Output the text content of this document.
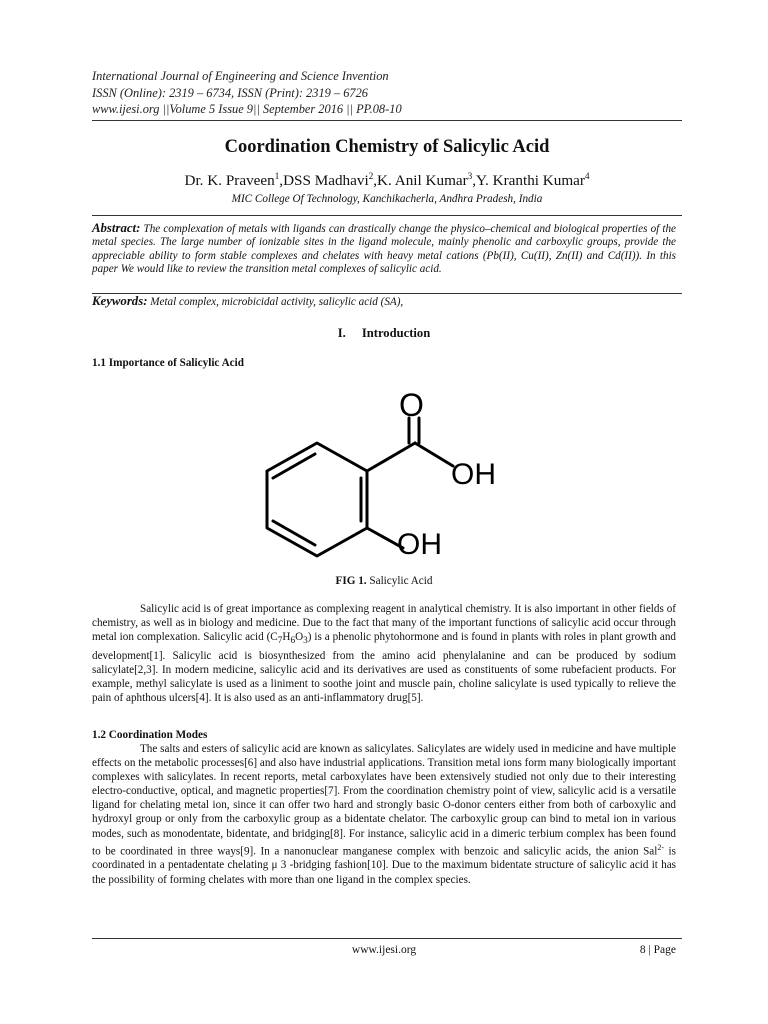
International Journal of Engineering and Science Invention
ISSN (Online): 2319 – 6734, ISSN (Print): 2319 – 6726
www.ijesi.org ||Volume 5 Issue 9|| September 2016 || PP.08-10
Coordination Chemistry of Salicylic Acid
Dr. K. Praveen$^1$,DSS Madhavi$^2$,K. Anil Kumar$^3$,Y. Kranthi Kumar$^4$
MIC College Of Technology, Kanchikacherla, Andhra Pradesh, India
Abstract: The complexation of metals with ligands can drastically change the physico–chemical and biological properties of the metal species. The large number of ionizable sites in the ligand molecule, mainly phenolic and carboxylic groups, provide the appreciable ability to form stable complexes and chelates with heavy metal cations (Pb(II), Cu(II), Zn(II) and Cd(II)). In this paper We would like to review the transition metal complexes of salicylic acid.
Keywords: Metal complex, microbicidal activity, salicylic acid (SA),
I. Introduction
1.1 Importance of Salicylic Acid
O
OH
OH
FIG 1. Salicylic Acid

Salicylic acid is of great importance as complexing reagent in analytical chemistry. It is also important in other fields of chemistry, as well as in biology and medicine. Due to the fact that many of the important functions of salicylic acid occur through metal ion complexation. Salicylic acid $(C_7H_6O_3)$ is a phenolic phytohormone and is found in plants with roles in plant growth and development[1]. Salicylic acid is biosynthesized from the amino acid phenylalanine and can be produced by sodium salicylate[2,3]. In modern medicine, salicylic acid and its derivatives are used as constituents of some rubefacient products. For example, methyl salicylate is used as a liniment to soothe joint and muscle pain, choline salicylate is used typically to relieve the pain of aphthous ulcers[4]. It is also used as an anti-inflammatory drug[5].

1.2 Coordination Modes

The salts and esters of salicylic acid are known as salicylates. Salicylates are widely used in medicine and have multiple effects on the metabolic processes[6] and also have industrial applications. Transition metal ions form many biologically important complexes with salicylates. In recent reports, metal carboxylates have been extensively studied not only due to their interesting electro-conductive, optical, and magnetic properties[7]. From the coordination chemistry point of view, salicylic acid is a versatile ligand for chelating metal ion, since it can offer two hard and strongly basic O-donor centers either from both of carboxylic and hydroxyl group or only from the carboxylic group as a bidentate chelator. The carboxylic group can bind to metal ion in various modes, such as monodentate, bidentate, and bridging[8]. For instance, salicylic acid in a dimeric terbium complex has been found to be coordinated in three ways[9]. In a nanonuclear manganese complex with benzoic and salicylic acids, the anion Sal$^{2-}$ is coordinated in a pentadentate chelating μ 3 -bridging fashion[10]. Due to the maximum bidentate structure of salicylic acid it has the possibility of forming chelates with more than one ligand in the complex species.

www.ijesi.org	8 | Page
